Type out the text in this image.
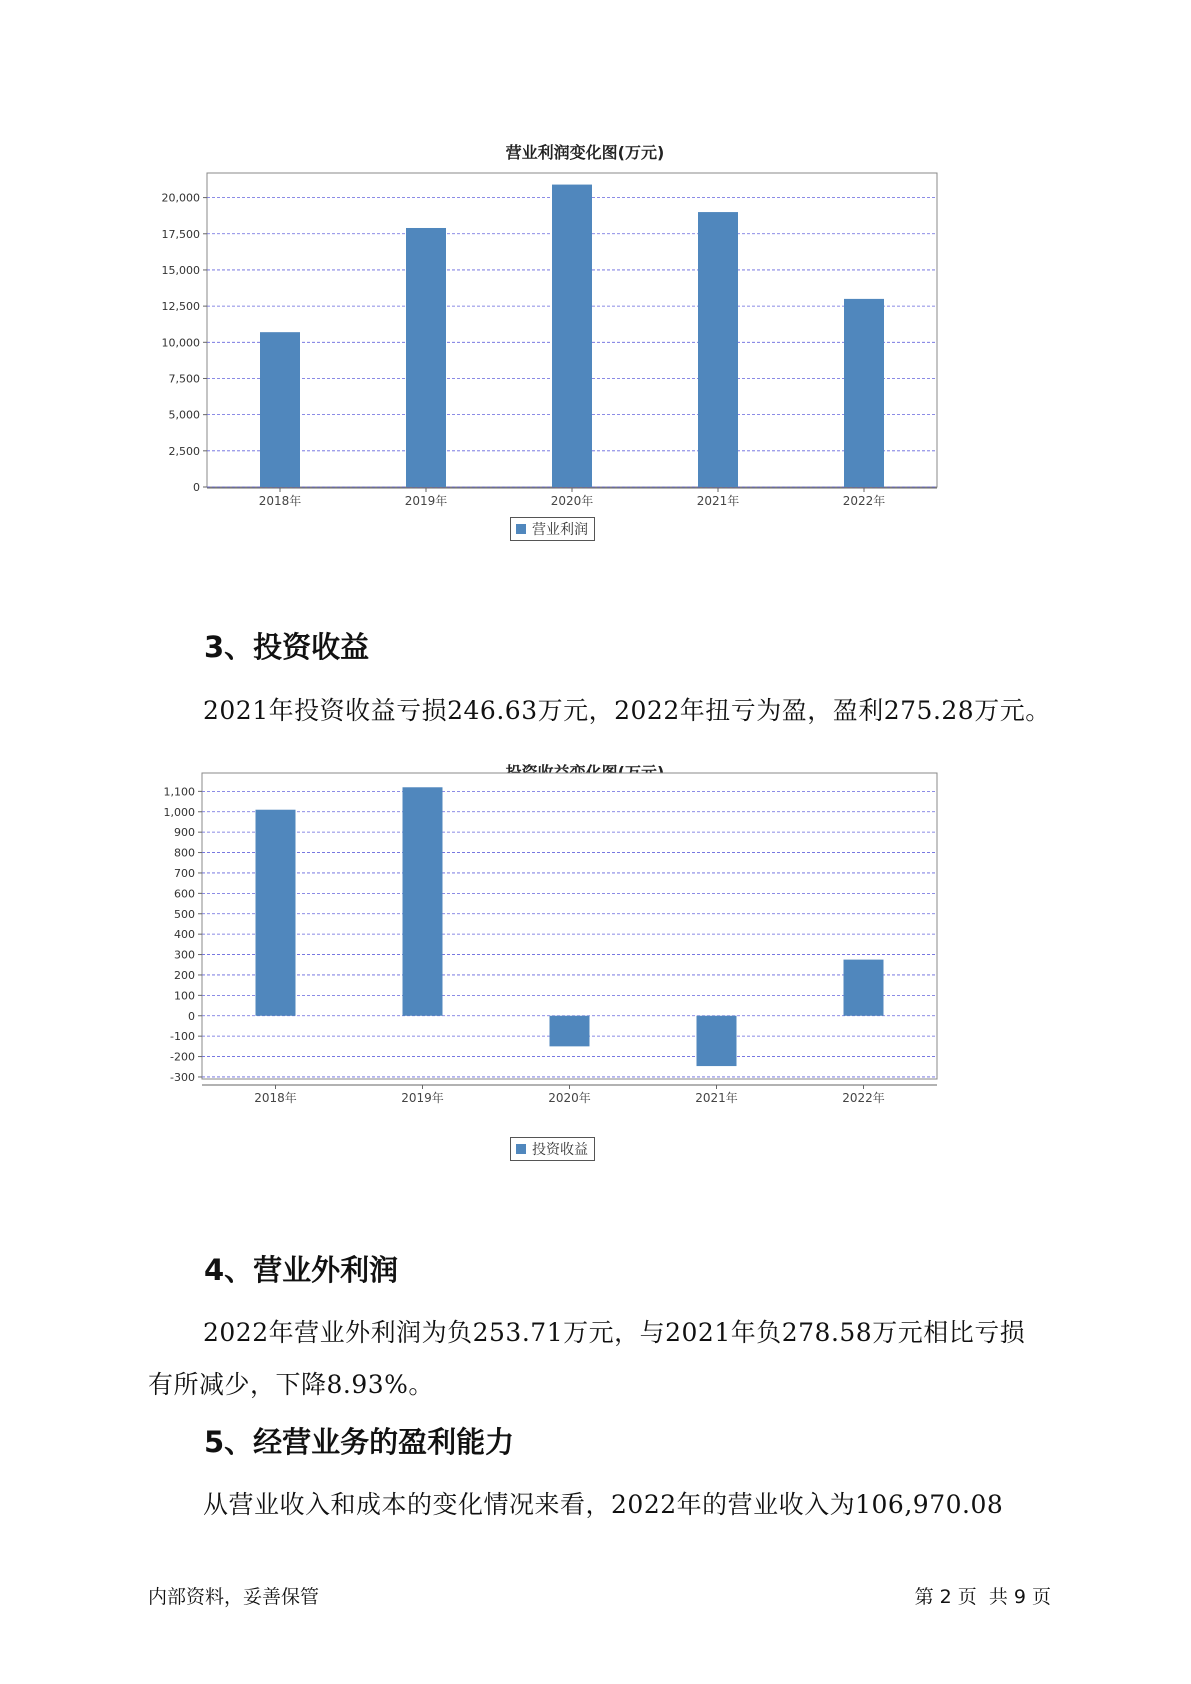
营业利润变化图(万元)
0
2,500
5,000
7,500
10,000
12,500
15,000
17,500
20,000
2018年	2019年	2020年	2021年	2022年
营业利润
3、投资收益
2021年投资收益亏损246.63万元，2022年扭亏为盈，盈利275.28万元。
-300
-200
-100
0
100
200
300
400
500
600
700
800
900
1,000
1,100
2018年	2019年	2020年	2021年	2022年
投资收益
4、营业外利润
2022年营业外利润为负253.71万元，与2021年负278.58万元相比亏损
有所减少，下降8.93%。
5、经营业务的盈利能力
从营业收入和成本的变化情况来看，2022年的营业收入为106,970.08
内部资料，妥善保管	第 2 页  共 9 页
